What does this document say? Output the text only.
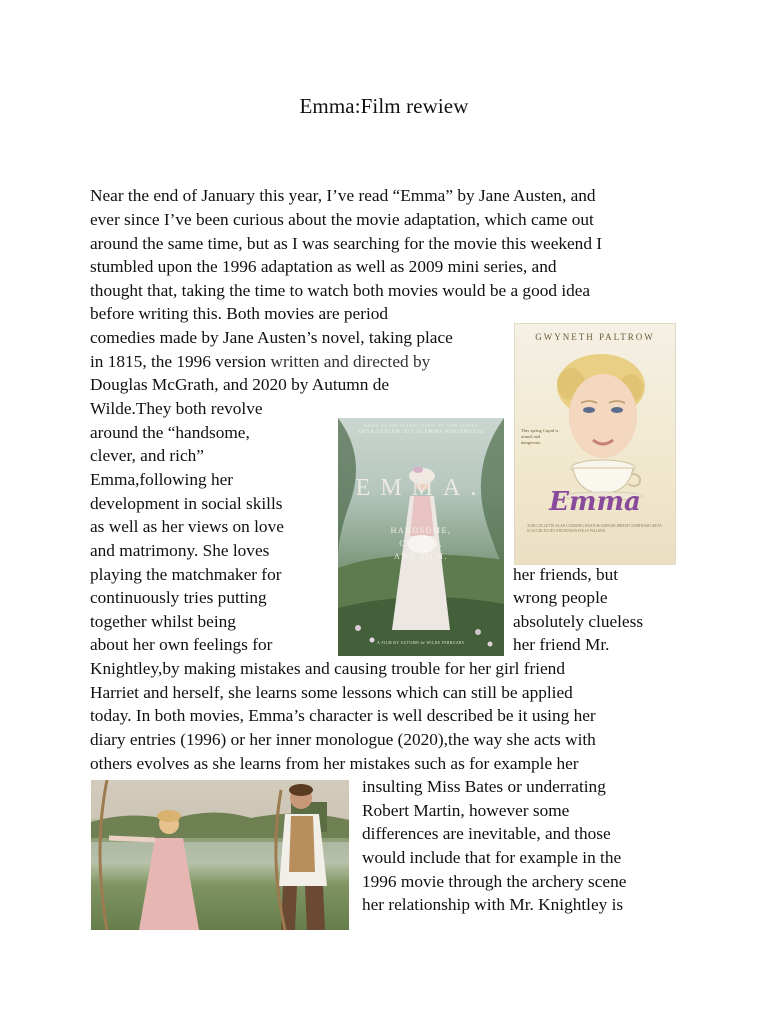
Emma:Film rewiew
Near the end of January this year, I’ve read “Emma” by Jane Austen, and
ever since I’ve been curious about the movie adaptation, which came out
around the same time, but as I was searching for the movie this weekend I
stumbled upon the 1996 adaptation as well as 2009 mini series, and
thought that, taking the time to watch both movies would be a good idea
before writing this. Both movies are period
comedies made by Jane Austen’s novel, taking place
in 1815, the 1996 version written and directed by
Douglas McGrath, and 2020 by Autumn de
Wilde.They both revolve
around the “handsome,
clever, and rich”
Emma,following her
development in social skills
as well as her views on love
and matrimony. She loves
playing the matchmaker for	her friends, but
continuously tries putting	wrong people
together whilst being	absolutely clueless
about her own feelings for	her friend Mr.
Knightley,by making mistakes and causing trouble for her girl friend
Harriet and herself, she learns some lessons which can still be applied
today. In both movies, Emma’s character is well described be it using her
diary entries (1996) or her inner monologue (2020),the way she acts with
others evolves as she learns from her mistakes such as for example her
insulting Miss Bates or underrating
Robert Martin, however some
differences are inevitable, and those
would include that for example in the
1996 movie through the archery scene
her relationship with Mr. Knightley is
GWYNETH PALTROW
This spring Cupid is armed and dangerous.
Emma
TONI COLLETTE ALAN CUMMING EWAN McGREGOR JEREMY NORTHAM GRETA SCACCHI JULIET STEVENSON POLLY WALKER
BASED ON THE CLASSIC NOVEL BY JANE AUSTEN
ANYA TAYLOR-JOY IS EMMA WOODHOUSE
EMMA.
HANDSOME,
CLEVER,
AND RICH.
A FILM BY AUTUMN de WILDE FEBRUARY
